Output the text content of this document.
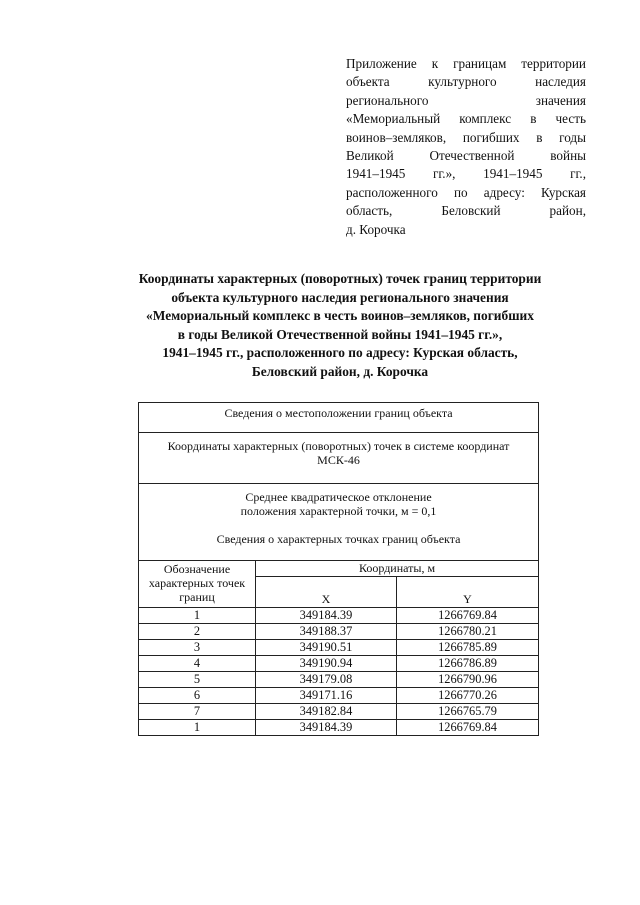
Приложение к границам территории
объекта культурного наследия
регионального значения
«Мемориальный комплекс в честь
воинов–земляков, погибших в годы
Великой Отечественной войны
1941–1945 гг.», 1941–1945 гг.,
расположенного по адресу: Курская
область, Беловский район,
д. Корочка
Координаты характерных (поворотных) точек границ территории
объекта культурного наследия регионального значения
«Мемориальный комплекс в честь воинов–земляков, погибших
в годы Великой Отечественной войны 1941–1945 гг.»,
1941–1945 гг., расположенного по адресу: Курская область,
Беловский район, д. Корочка
Сведения о местоположении границ объекта		
Координаты характерных (поворотных) точек в системе координат
МСК-46		
Среднее квадратическое отклонение
положения характерной точки, м = 0,1
Сведения о характерных точках границ объекта		
Обозначение характерных точек границ	Координаты, м	
	X	Y
1	349184.39	1266769.84
2	349188.37	1266780.21
3	349190.51	1266785.89
4	349190.94	1266786.89
5	349179.08	1266790.96
6	349171.16	1266770.26
7	349182.84	1266765.79
1	349184.39	1266769.84
